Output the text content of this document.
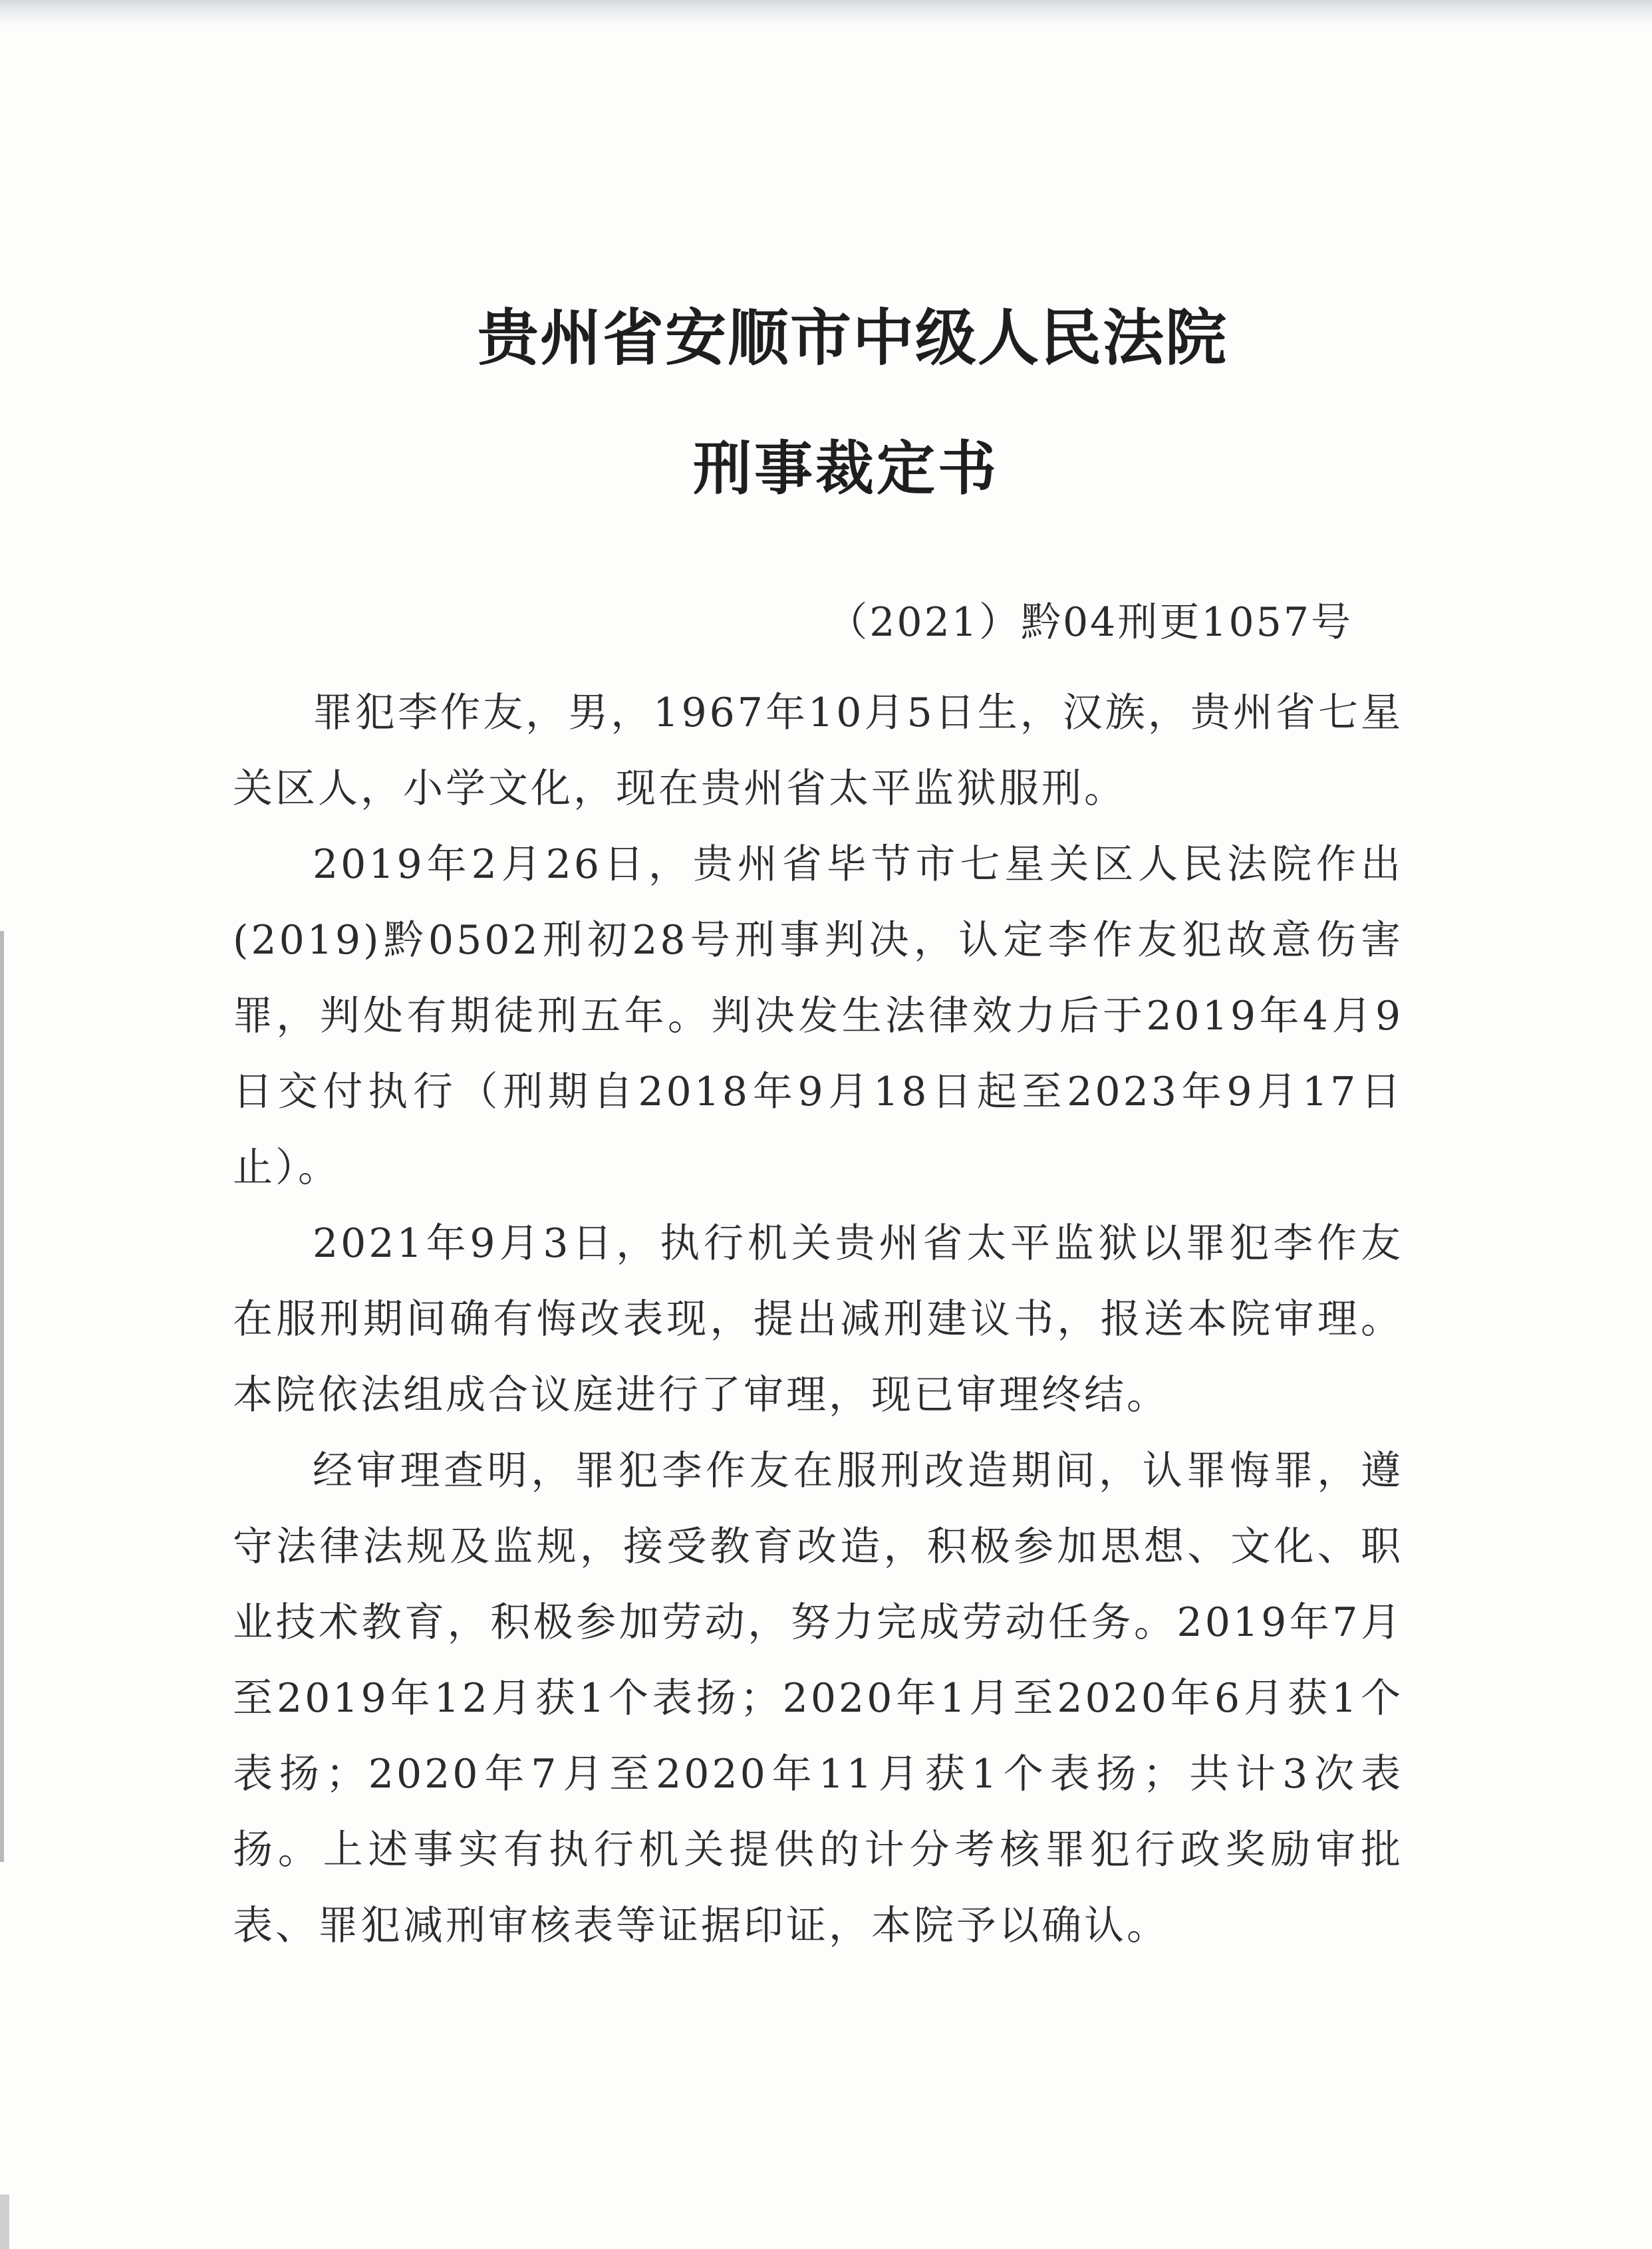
贵州省安顺市中级人民法院
刑事裁定书
（2021）黔04刑更1057号

罪犯李作友，男，1967年10月5日生，汉族，贵州省七星关区人，小学文化，现在贵州省太平监狱服刑。

2019年2月26日，贵州省毕节市七星关区人民法院作出(2019)黔0502刑初28号刑事判决，认定李作友犯故意伤害罪，判处有期徒刑五年。判决发生法律效力后于2019年4月9日交付执行（刑期自2018年9月18日起至2023年9月17日止）。

2021年9月3日，执行机关贵州省太平监狱以罪犯李作友在服刑期间确有悔改表现，提出减刑建议书，报送本院审理。本院依法组成合议庭进行了审理，现已审理终结。

经审理查明，罪犯李作友在服刑改造期间，认罪悔罪，遵守法律法规及监规，接受教育改造，积极参加思想、文化、职业技术教育，积极参加劳动，努力完成劳动任务。2019年7月至2019年12月获1个表扬；2020年1月至2020年6月获1个表扬；2020年7月至2020年11月获1个表扬；共计3次表扬。上述事实有执行机关提供的计分考核罪犯行政奖励审批表、罪犯减刑审核表等证据印证，本院予以确认。
